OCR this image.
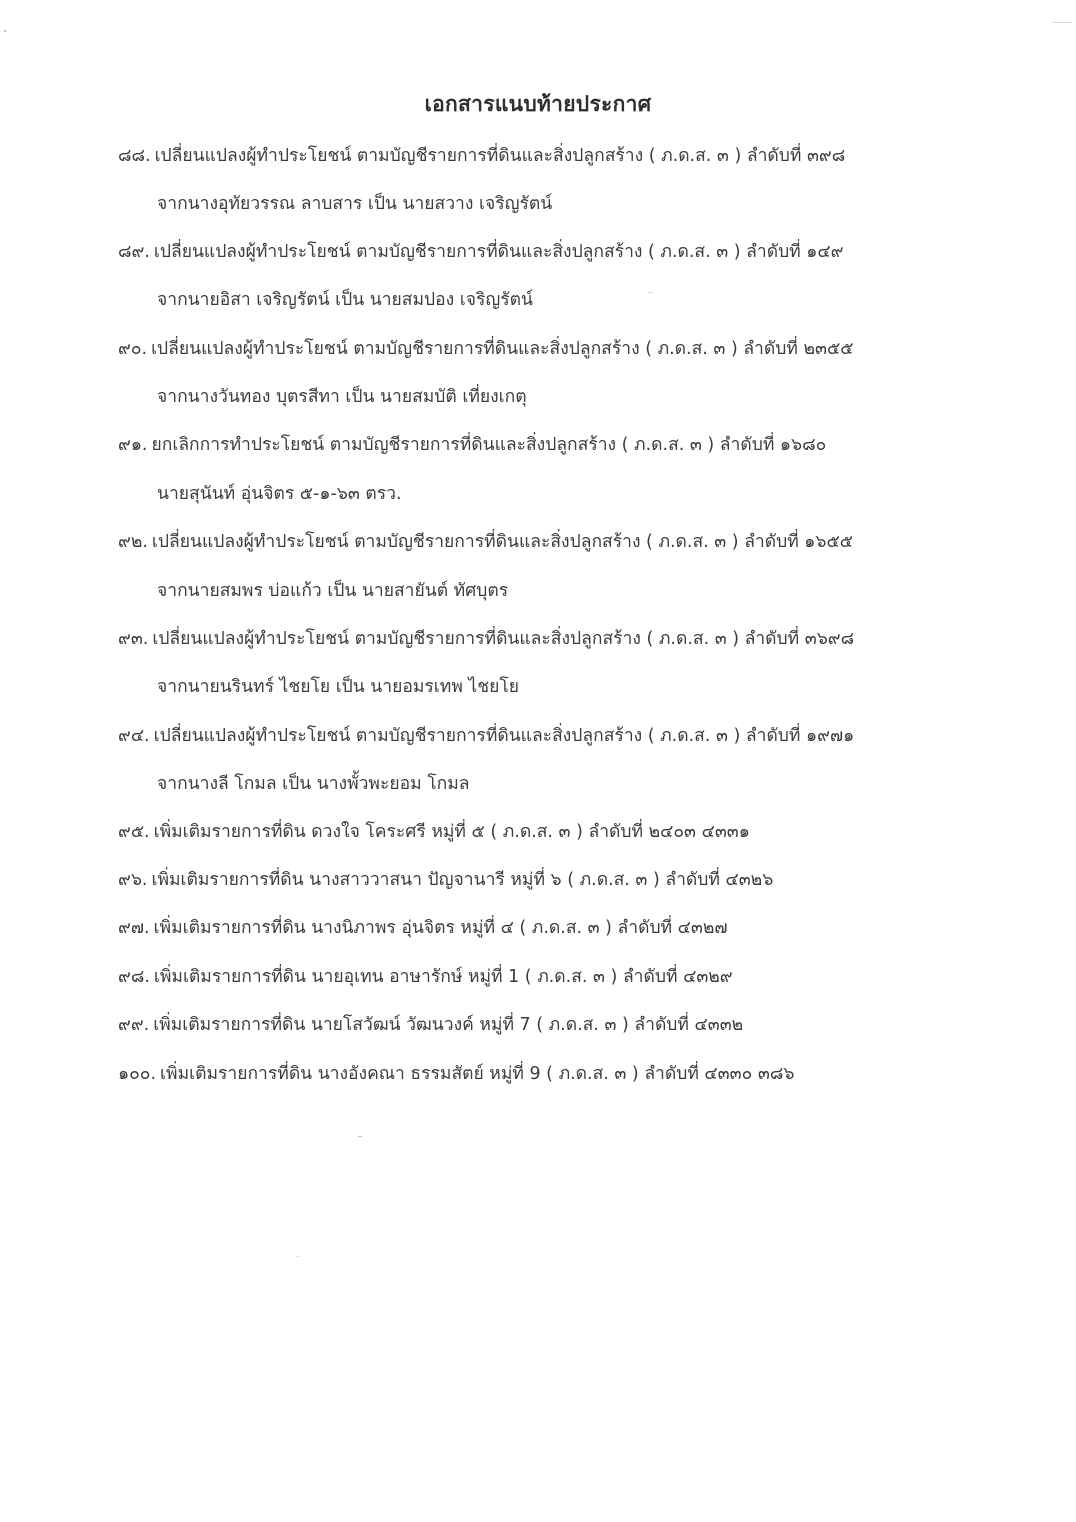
เอกสารแนบท้ายประกาศ
๘๘. เปลี่ยนแปลงผู้ทำประโยชน์ ตามบัญชีรายการที่ดินและสิ่งปลูกสร้าง ( ภ.ด.ส. ๓ ) ลำดับที่ ๓๙๘
จากนางอุทัยวรรณ ลาบสาร เป็น นายสวาง เจริญรัตน์
๘๙. เปลี่ยนแปลงผู้ทำประโยชน์ ตามบัญชีรายการที่ดินและสิ่งปลูกสร้าง ( ภ.ด.ส. ๓ ) ลำดับที่ ๑๔๙
จากนายอิสา เจริญรัตน์ เป็น นายสมปอง เจริญรัตน์
๙๐. เปลี่ยนแปลงผู้ทำประโยชน์ ตามบัญชีรายการที่ดินและสิ่งปลูกสร้าง ( ภ.ด.ส. ๓ ) ลำดับที่ ๒๓๕๕
จากนางวันทอง บุตรสีทา เป็น นายสมบัติ เที่ยงเกตุ
๙๑. ยกเลิกการทำประโยชน์ ตามบัญชีรายการที่ดินและสิ่งปลูกสร้าง ( ภ.ด.ส. ๓ ) ลำดับที่ ๑๖๘๐
นายสุนันท์ อุ่นจิตร ๕-๑-๖๓ ตรว.
๙๒. เปลี่ยนแปลงผู้ทำประโยชน์ ตามบัญชีรายการที่ดินและสิ่งปลูกสร้าง ( ภ.ด.ส. ๓ ) ลำดับที่ ๑๖๕๕
จากนายสมพร บ่อแก้ว เป็น นายสายันต์ ทัศบุตร
๙๓. เปลี่ยนแปลงผู้ทำประโยชน์ ตามบัญชีรายการที่ดินและสิ่งปลูกสร้าง ( ภ.ด.ส. ๓ ) ลำดับที่ ๓๖๙๘
จากนายนรินทร์ ไชยโย เป็น นายอมรเทพ ไชยโย
๙๔. เปลี่ยนแปลงผู้ทำประโยชน์ ตามบัญชีรายการที่ดินและสิ่งปลูกสร้าง ( ภ.ด.ส. ๓ ) ลำดับที่ ๑๙๗๑
จากนางลี โกมล เป็น นางพั้วพะยอม โกมล
๙๕. เพิ่มเติมรายการที่ดิน ดวงใจ โคระศรี หมู่ที่ ๕ ( ภ.ด.ส. ๓ ) ลำดับที่ ๒๔๐๓ ๔๓๓๑
๙๖. เพิ่มเติมรายการที่ดิน นางสาววาสนา ปัญจานารี หมู่ที่ ๖ ( ภ.ด.ส. ๓ ) ลำดับที่ ๔๓๒๖
๙๗. เพิ่มเติมรายการที่ดิน นางนิภาพร อุ่นจิตร หมู่ที่ ๔ ( ภ.ด.ส. ๓ ) ลำดับที่ ๔๓๒๗
๙๘. เพิ่มเติมรายการที่ดิน นายอุเทน อาษารักษ์ หมู่ที่ 1 ( ภ.ด.ส. ๓ ) ลำดับที่ ๔๓๒๙
๙๙. เพิ่มเติมรายการที่ดิน นายโสวัฒน์ วัฒนวงค์ หมู่ที่ 7 ( ภ.ด.ส. ๓ ) ลำดับที่ ๔๓๓๒
๑๐๐. เพิ่มเติมรายการที่ดิน นางอังคณา ธรรมสัตย์ หมู่ที่ 9 ( ภ.ด.ส. ๓ ) ลำดับที่ ๔๓๓๐ ๓๘๖
